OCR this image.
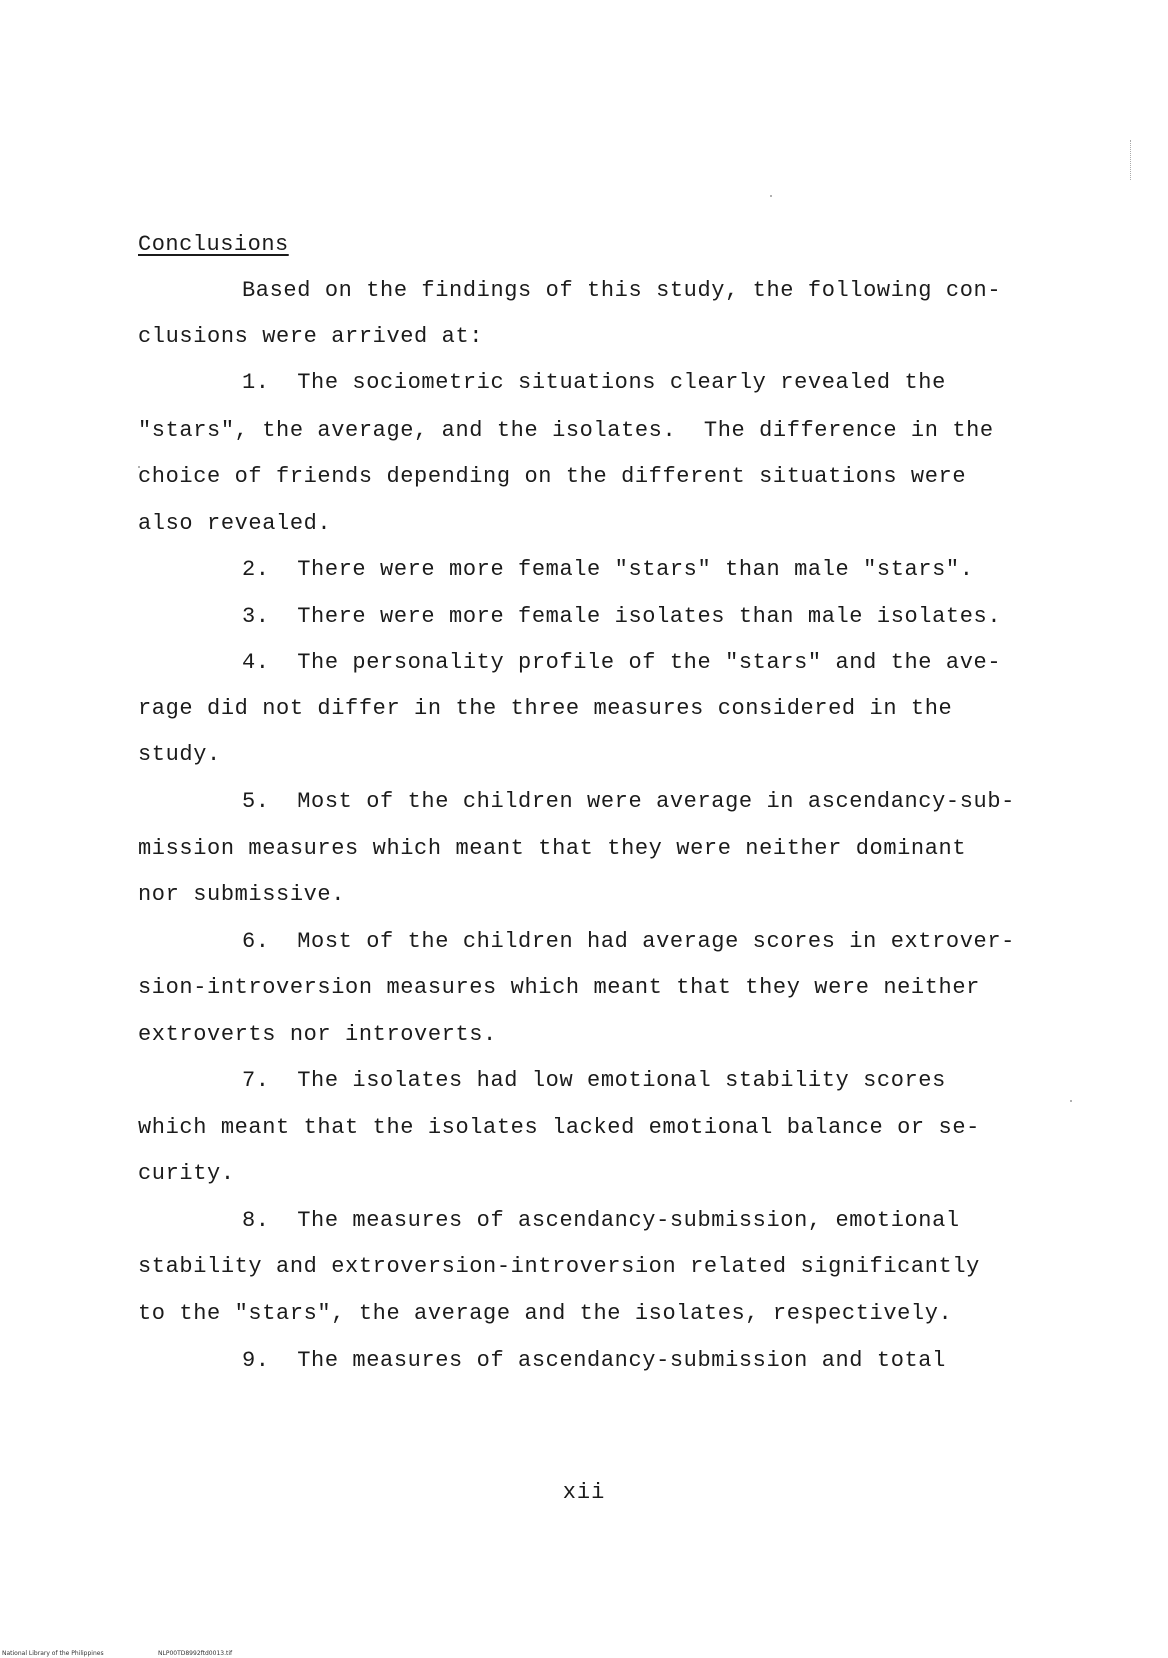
Conclusions
Based on the findings of this study, the following con-
clusions were arrived at:
1.  The sociometric situations clearly revealed the
"stars", the average, and the isolates.  The difference in the
choice of friends depending on the different situations were
also revealed.
2.  There were more female "stars" than male "stars".
3.  There were more female isolates than male isolates.
4.  The personality profile of the "stars" and the ave-
rage did not differ in the three measures considered in the
study.
5.  Most of the children were average in ascendancy-sub-
mission measures which meant that they were neither dominant
nor submissive.
6.  Most of the children had average scores in extrover-
sion-introversion measures which meant that they were neither
extroverts nor introverts.
7.  The isolates had low emotional stability scores
which meant that the isolates lacked emotional balance or se-
curity.
8.  The measures of ascendancy-submission, emotional
stability and extroversion-introversion related significantly
to the "stars", the average and the isolates, respectively.
9.  The measures of ascendancy-submission and total
xii
National Library of the Philippines	NLP00TD8992ftd0013.tif
